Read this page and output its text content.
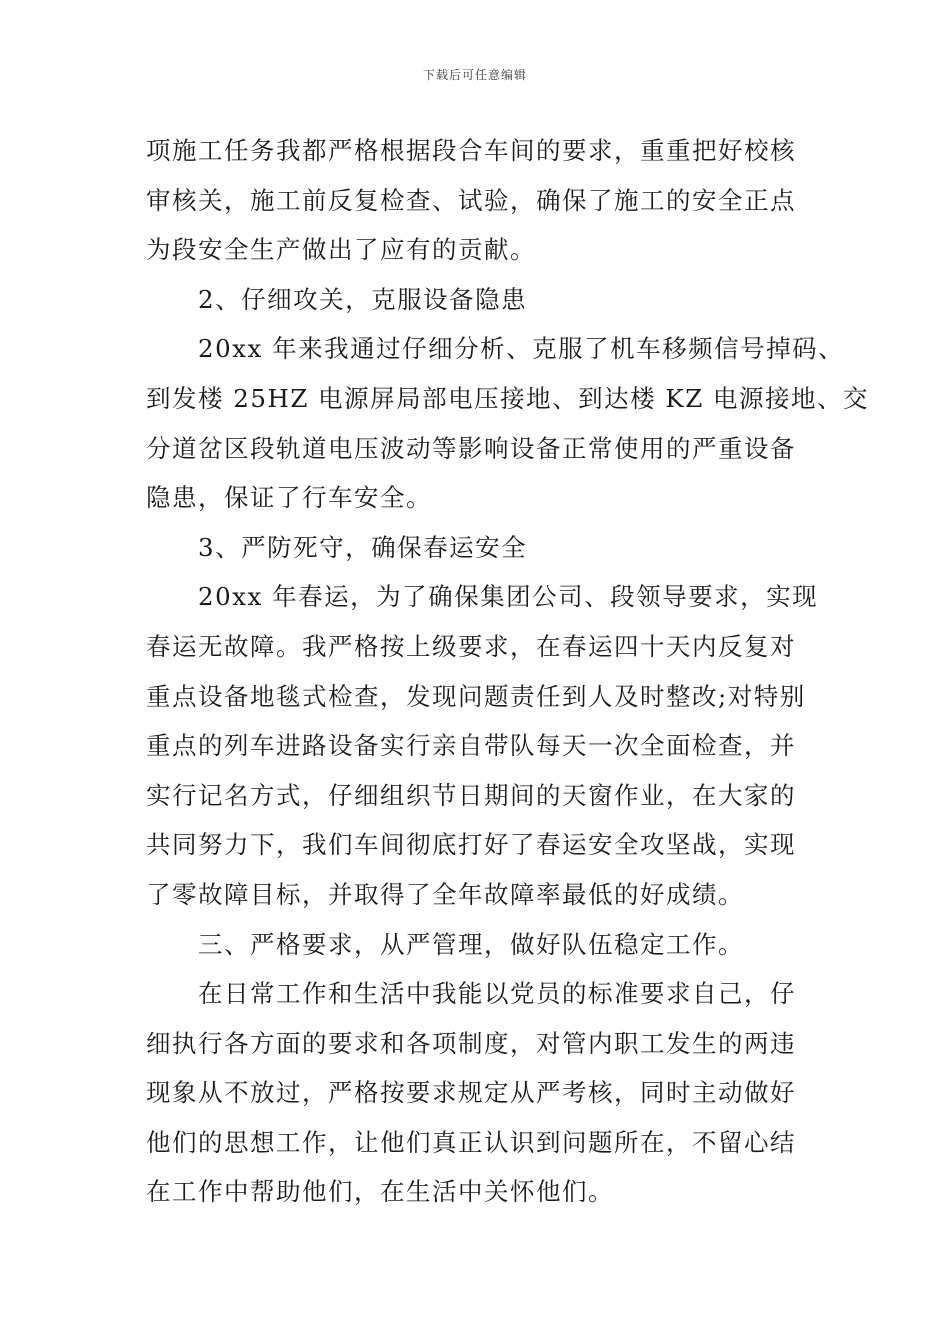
下载后可任意编辑
项施工任务我都严格根据段合车间的要求，重重把好校核
审核关，施工前反复检查、试验，确保了施工的安全正点
为段安全生产做出了应有的贡献。
2、仔细攻关，克服设备隐患
20xx 年来我通过仔细分析、克服了机车移频信号掉码、
到发楼 25HZ 电源屏局部电压接地、到达楼 KZ 电源接地、交
分道岔区段轨道电压波动等影响设备正常使用的严重设备
隐患，保证了行车安全。
3、严防死守，确保春运安全
20xx 年春运，为了确保集团公司、段领导要求，实现
春运无故障。我严格按上级要求，在春运四十天内反复对
重点设备地毯式检查，发现问题责任到人及时整改;对特别
重点的列车进路设备实行亲自带队每天一次全面检查，并
实行记名方式，仔细组织节日期间的天窗作业，在大家的
共同努力下，我们车间彻底打好了春运安全攻坚战，实现
了零故障目标，并取得了全年故障率最低的好成绩。
三、严格要求，从严管理，做好队伍稳定工作。
在日常工作和生活中我能以党员的标准要求自己，仔
细执行各方面的要求和各项制度，对管内职工发生的两违
现象从不放过，严格按要求规定从严考核，同时主动做好
他们的思想工作，让他们真正认识到问题所在，不留心结
在工作中帮助他们，在生活中关怀他们。
